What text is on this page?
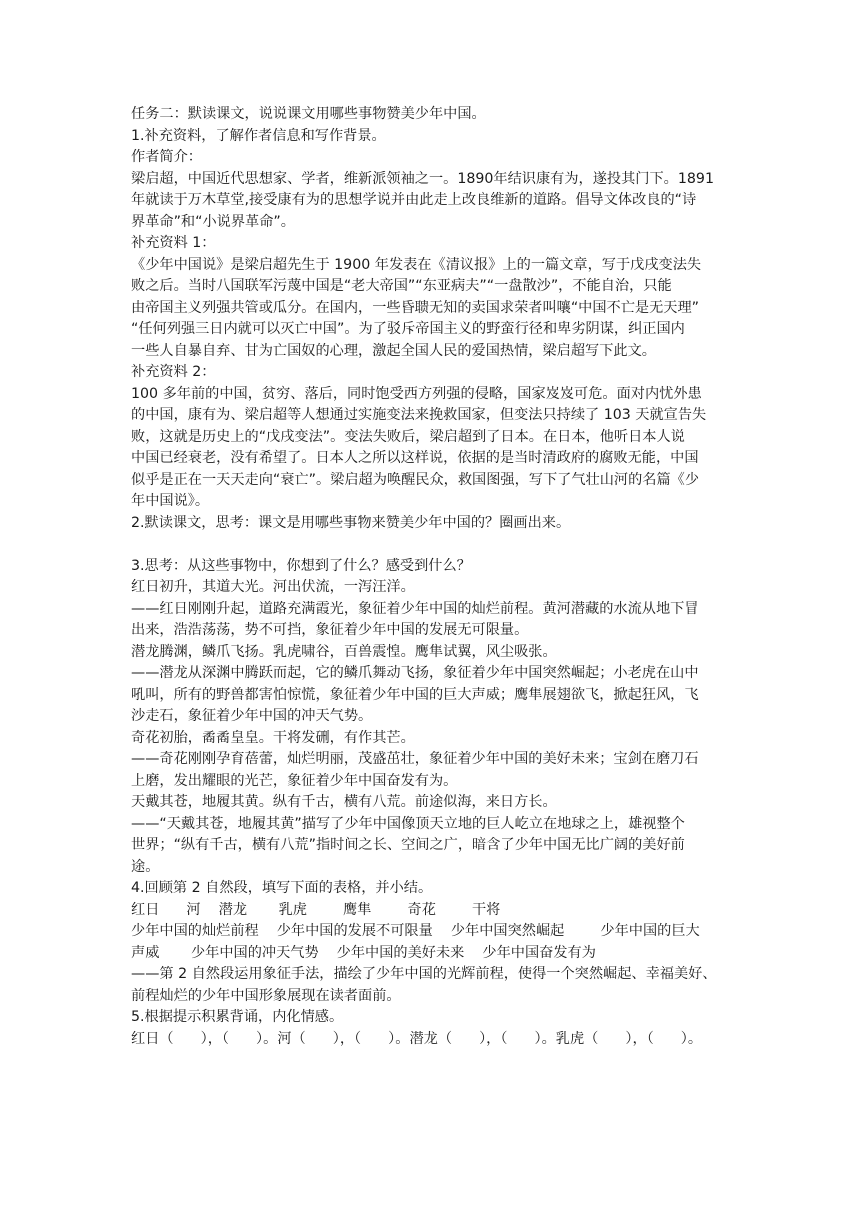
任务二：默读课文，说说课文用哪些事物赞美少年中国。

1.补充资料，了解作者信息和写作背景。

作者简介：

梁启超，中国近代思想家、学者，维新派领袖之一。1890年结识康有为，遂投其门下。1891

年就读于万木草堂,接受康有为的思想学说并由此走上改良维新的道路。倡导文体改良的“诗

界革命”和“小说界革命”。

补充资料 1：

《少年中国说》是梁启超先生于 1900 年发表在《清议报》上的一篇文章，写于戊戌变法失

败之后。当时八国联军污蔑中国是“老大帝国”“东亚病夫”“一盘散沙”，不能自治，只能

由帝国主义列强共管或瓜分。在国内，一些昏聩无知的卖国求荣者叫嚷“中国不亡是无天理”

“任何列强三日内就可以灭亡中国”。为了驳斥帝国主义的野蛮行径和卑劣阴谋，纠正国内

一些人自暴自弃、甘为亡国奴的心理，激起全国人民的爱国热情，梁启超写下此文。

补充资料 2：

100 多年前的中国，贫穷、落后，同时饱受西方列强的侵略，国家岌岌可危。面对内忧外患

的中国，康有为、梁启超等人想通过实施变法来挽救国家，但变法只持续了 103 天就宣告失

败，这就是历史上的“戊戌变法”。变法失败后，梁启超到了日本。在日本，他听日本人说

中国已经衰老，没有希望了。日本人之所以这样说，依据的是当时清政府的腐败无能，中国

似乎是正在一天天走向“衰亡”。梁启超为唤醒民众，救国图强，写下了气壮山河的名篇《少

年中国说》。

2.默读课文，思考：课文是用哪些事物来赞美少年中国的？圈画出来。

3.思考：从这些事物中，你想到了什么？感受到什么？

红日初升，其道大光。河出伏流，一泻汪洋。

——红日刚刚升起，道路充满霞光，象征着少年中国的灿烂前程。黄河潜藏的水流从地下冒

出来，浩浩荡荡，势不可挡，象征着少年中国的发展无可限量。

潜龙腾渊，鳞爪飞扬。乳虎啸谷，百兽震惶。鹰隼试翼，风尘吸张。

——潜龙从深渊中腾跃而起，它的鳞爪舞动飞扬，象征着少年中国突然崛起；小老虎在山中

吼叫，所有的野兽都害怕惊慌，象征着少年中国的巨大声威；鹰隼展翅欲飞，掀起狂风，飞

沙走石，象征着少年中国的冲天气势。

奇花初胎，矞矞皇皇。干将发硎，有作其芒。

——奇花刚刚孕育蓓蕾，灿烂明丽，茂盛茁壮，象征着少年中国的美好未来；宝剑在磨刀石

上磨，发出耀眼的光芒，象征着少年中国奋发有为。

天戴其苍，地履其黄。纵有千古，横有八荒。前途似海，来日方长。

——“天戴其苍，地履其黄”描写了少年中国像顶天立地的巨人屹立在地球之上，雄视整个

世界；“纵有千古，横有八荒”指时间之长、空间之广，暗含了少年中国无比广阔的美好前

途。

4.回顾第 2 自然段，填写下面的表格，并小结。

红日      河    潜龙       乳虎        鹰隼        奇花        干将

少年中国的灿烂前程    少年中国的发展不可限量    少年中国突然崛起        少年中国的巨大

声威       少年中国的冲天气势    少年中国的美好未来    少年中国奋发有为

——第 2 自然段运用象征手法，描绘了少年中国的光辉前程，使得一个突然崛起、幸福美好、

前程灿烂的少年中国形象展现在读者面前。

5.根据提示积累背诵，内化情感。

红日（      ），（      ）。河（      ），（      ）。潜龙（      ），（      ）。乳虎（      ），（      ）。
